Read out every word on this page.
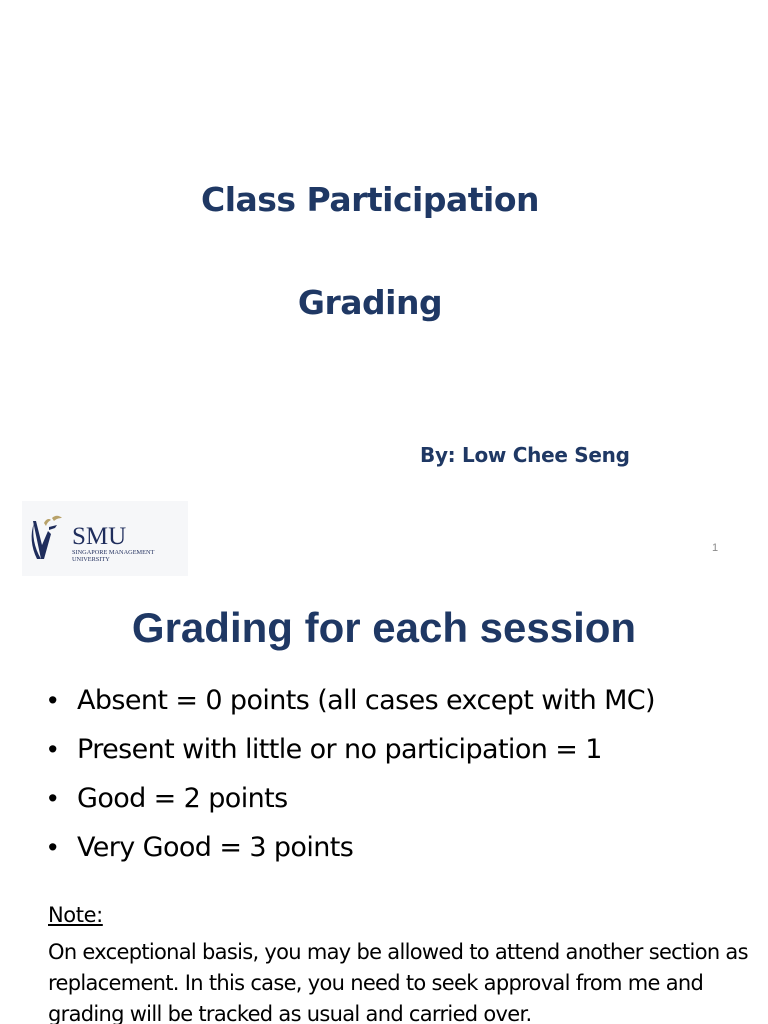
Class Participation
Grading
By: Low Chee Seng
SMU
SINGAPORE MANAGEMENT
UNIVERSITY
1
Grading for each session
• Absent = 0 points (all cases except with MC)
• Present with little or no participation = 1
• Good = 2 points
• Very Good = 3 points
Note:

On exceptional basis, you may be allowed to attend another section as replacement. In this case, you need to seek approval from me and grading will be tracked as usual and carried over.
